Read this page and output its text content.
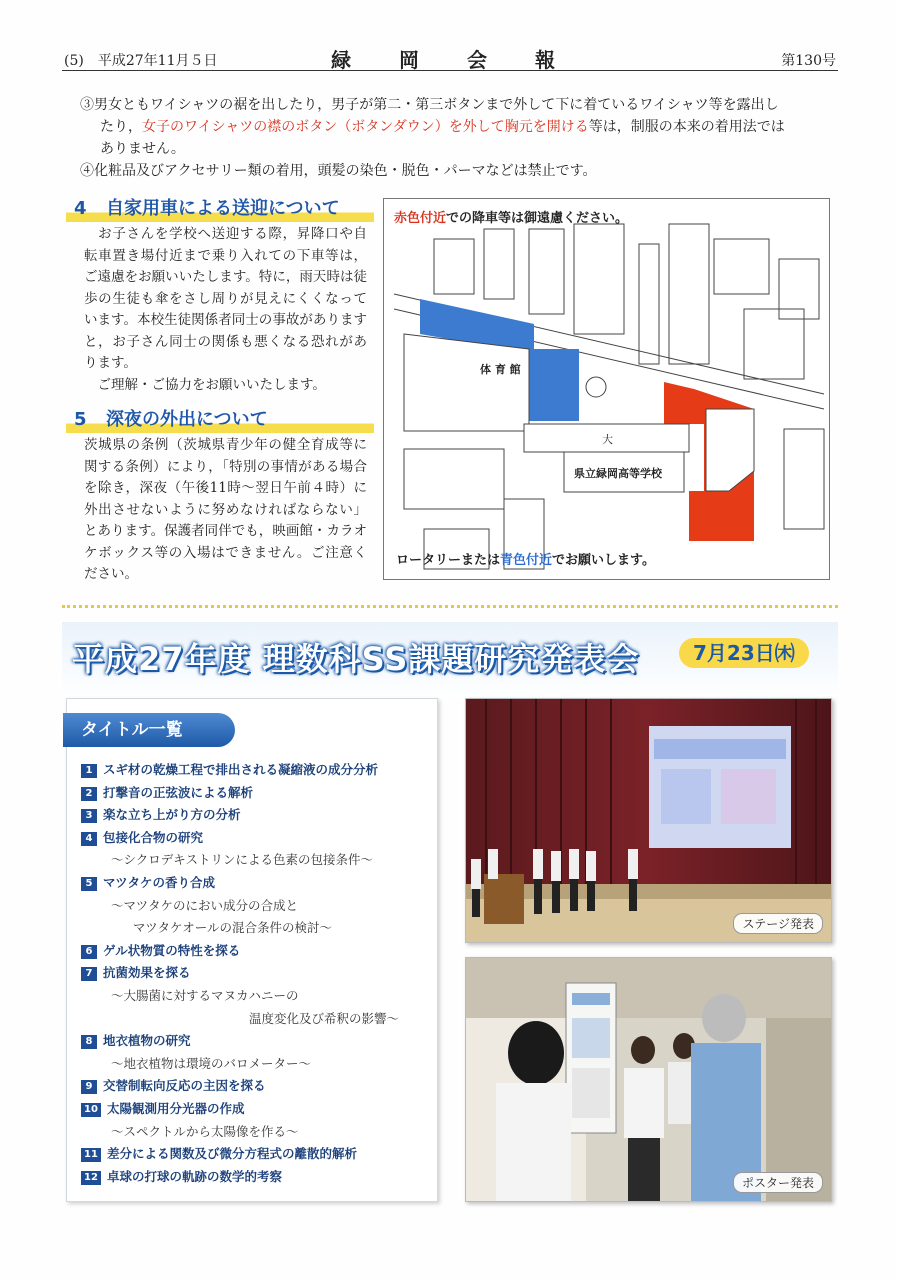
(5)　 平成27年11月５日	緑　岡　会　報	第130号
③男女ともワイシャツの裾を出したり，男子が第二・第三ボタンまで外して下に着ているワイシャツ等を露出し
たり，女子のワイシャツの襟のボタン（ボタンダウン）を外して胸元を開ける等は，制服の本来の着用法では
ありません。
④化粧品及びアクセサリー類の着用，頭髪の染色・脱色・パーマなどは禁止です。
4 自家用車による送迎について
　お子さんを学校へ送迎する際，昇降口や自転車置き場付近まで乗り入れての下車等は，ご遠慮をお願いいたします。特に，雨天時は徒歩の生徒も傘をさし周りが見えにくくなっています。本校生徒関係者同士の事故がありますと，お子さん同士の関係も悪くなる恐れがあります。
　ご理解・ご協力をお願いいたします。
5 深夜の外出について
茨城県の条例（茨城県青少年の健全育成等に関する条例）により，「特別の事情がある場合を除き，深夜（午後11時～翌日午前４時）に外出させないように努めなければならない」とあります。保護者同伴でも，映画館・カラオケボックス等の入場はできません。ご注意ください。
赤色付近での降車等は御遠慮ください。
体 育 館
大
県立緑岡高等学校
ロータリーまたは青色付近でお願いします。
平成27年度 理数科SS課題研究発表会	7月23日㈭
タイトル一覧
1 スギ材の乾燥工程で排出される凝縮液の成分分析
2 打撃音の正弦波による解析
3 楽な立ち上がり方の分析
4 包接化合物の研究
～シクロデキストリンによる色素の包接条件～
5 マツタケの香り合成
～マツタケのにおい成分の合成と
マツタケオールの混合条件の検討～
6 ゲル状物質の特性を探る
7 抗菌効果を探る
～大腸菌に対するマヌカハニーの
温度変化及び希釈の影響～
8 地衣植物の研究
～地衣植物は環境のバロメーター～
9 交替制転向反応の主因を探る
10 太陽観測用分光器の作成
～スペクトルから太陽像を作る～
11 差分による関数及び微分方程式の離散的解析
12 卓球の打球の軌跡の数学的考察
ステージ発表
ポスター発表
